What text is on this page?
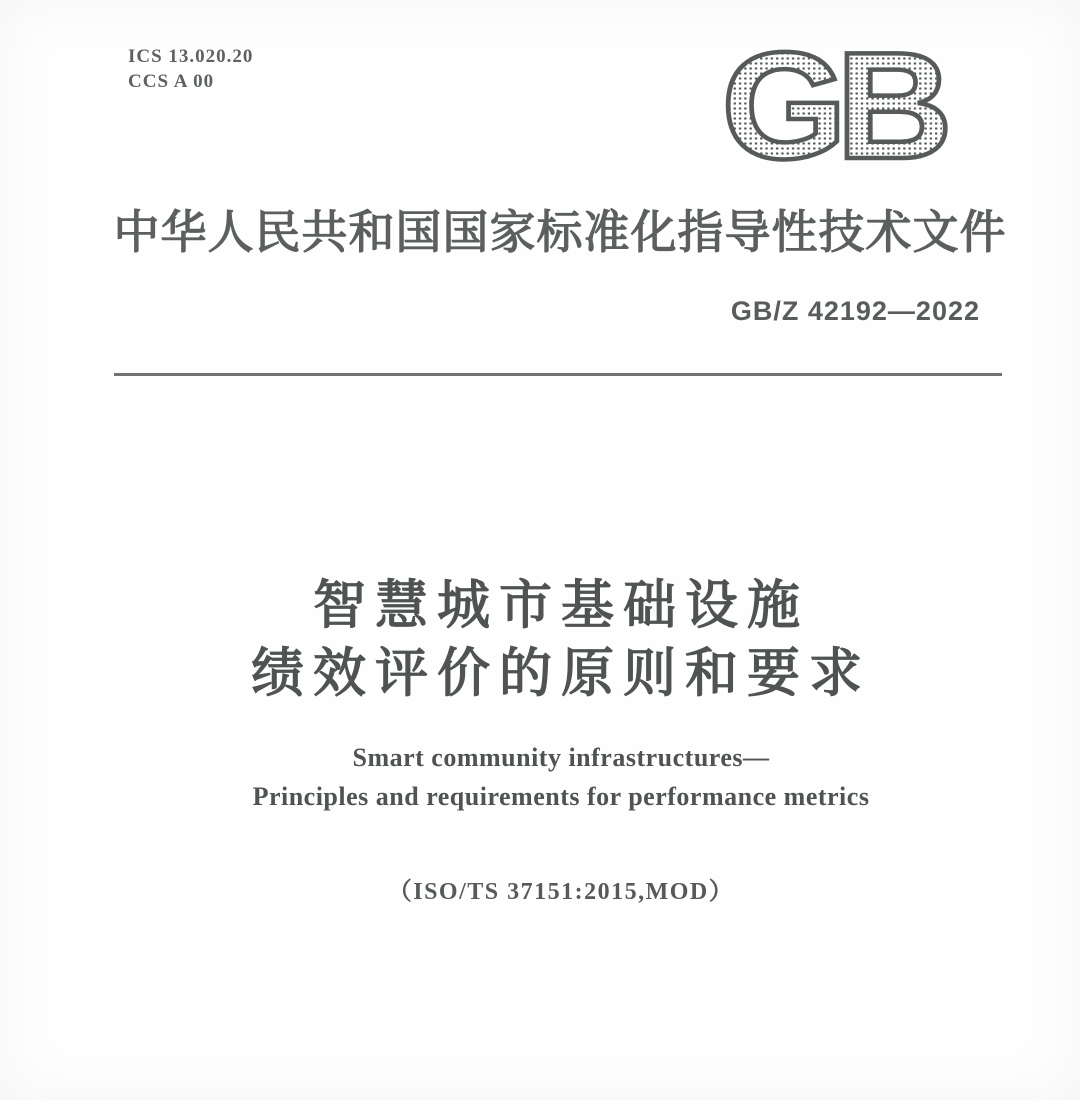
ICS 13.020.20
CCS A 00	GB
中华人民共和国国家标准化指导性技术文件
GB/Z 42192—2022
智慧城市基础设施
绩效评价的原则和要求
Smart community infrastructures—
Principles and requirements for performance metrics
（ISO/TS 37151:2015,MOD）
